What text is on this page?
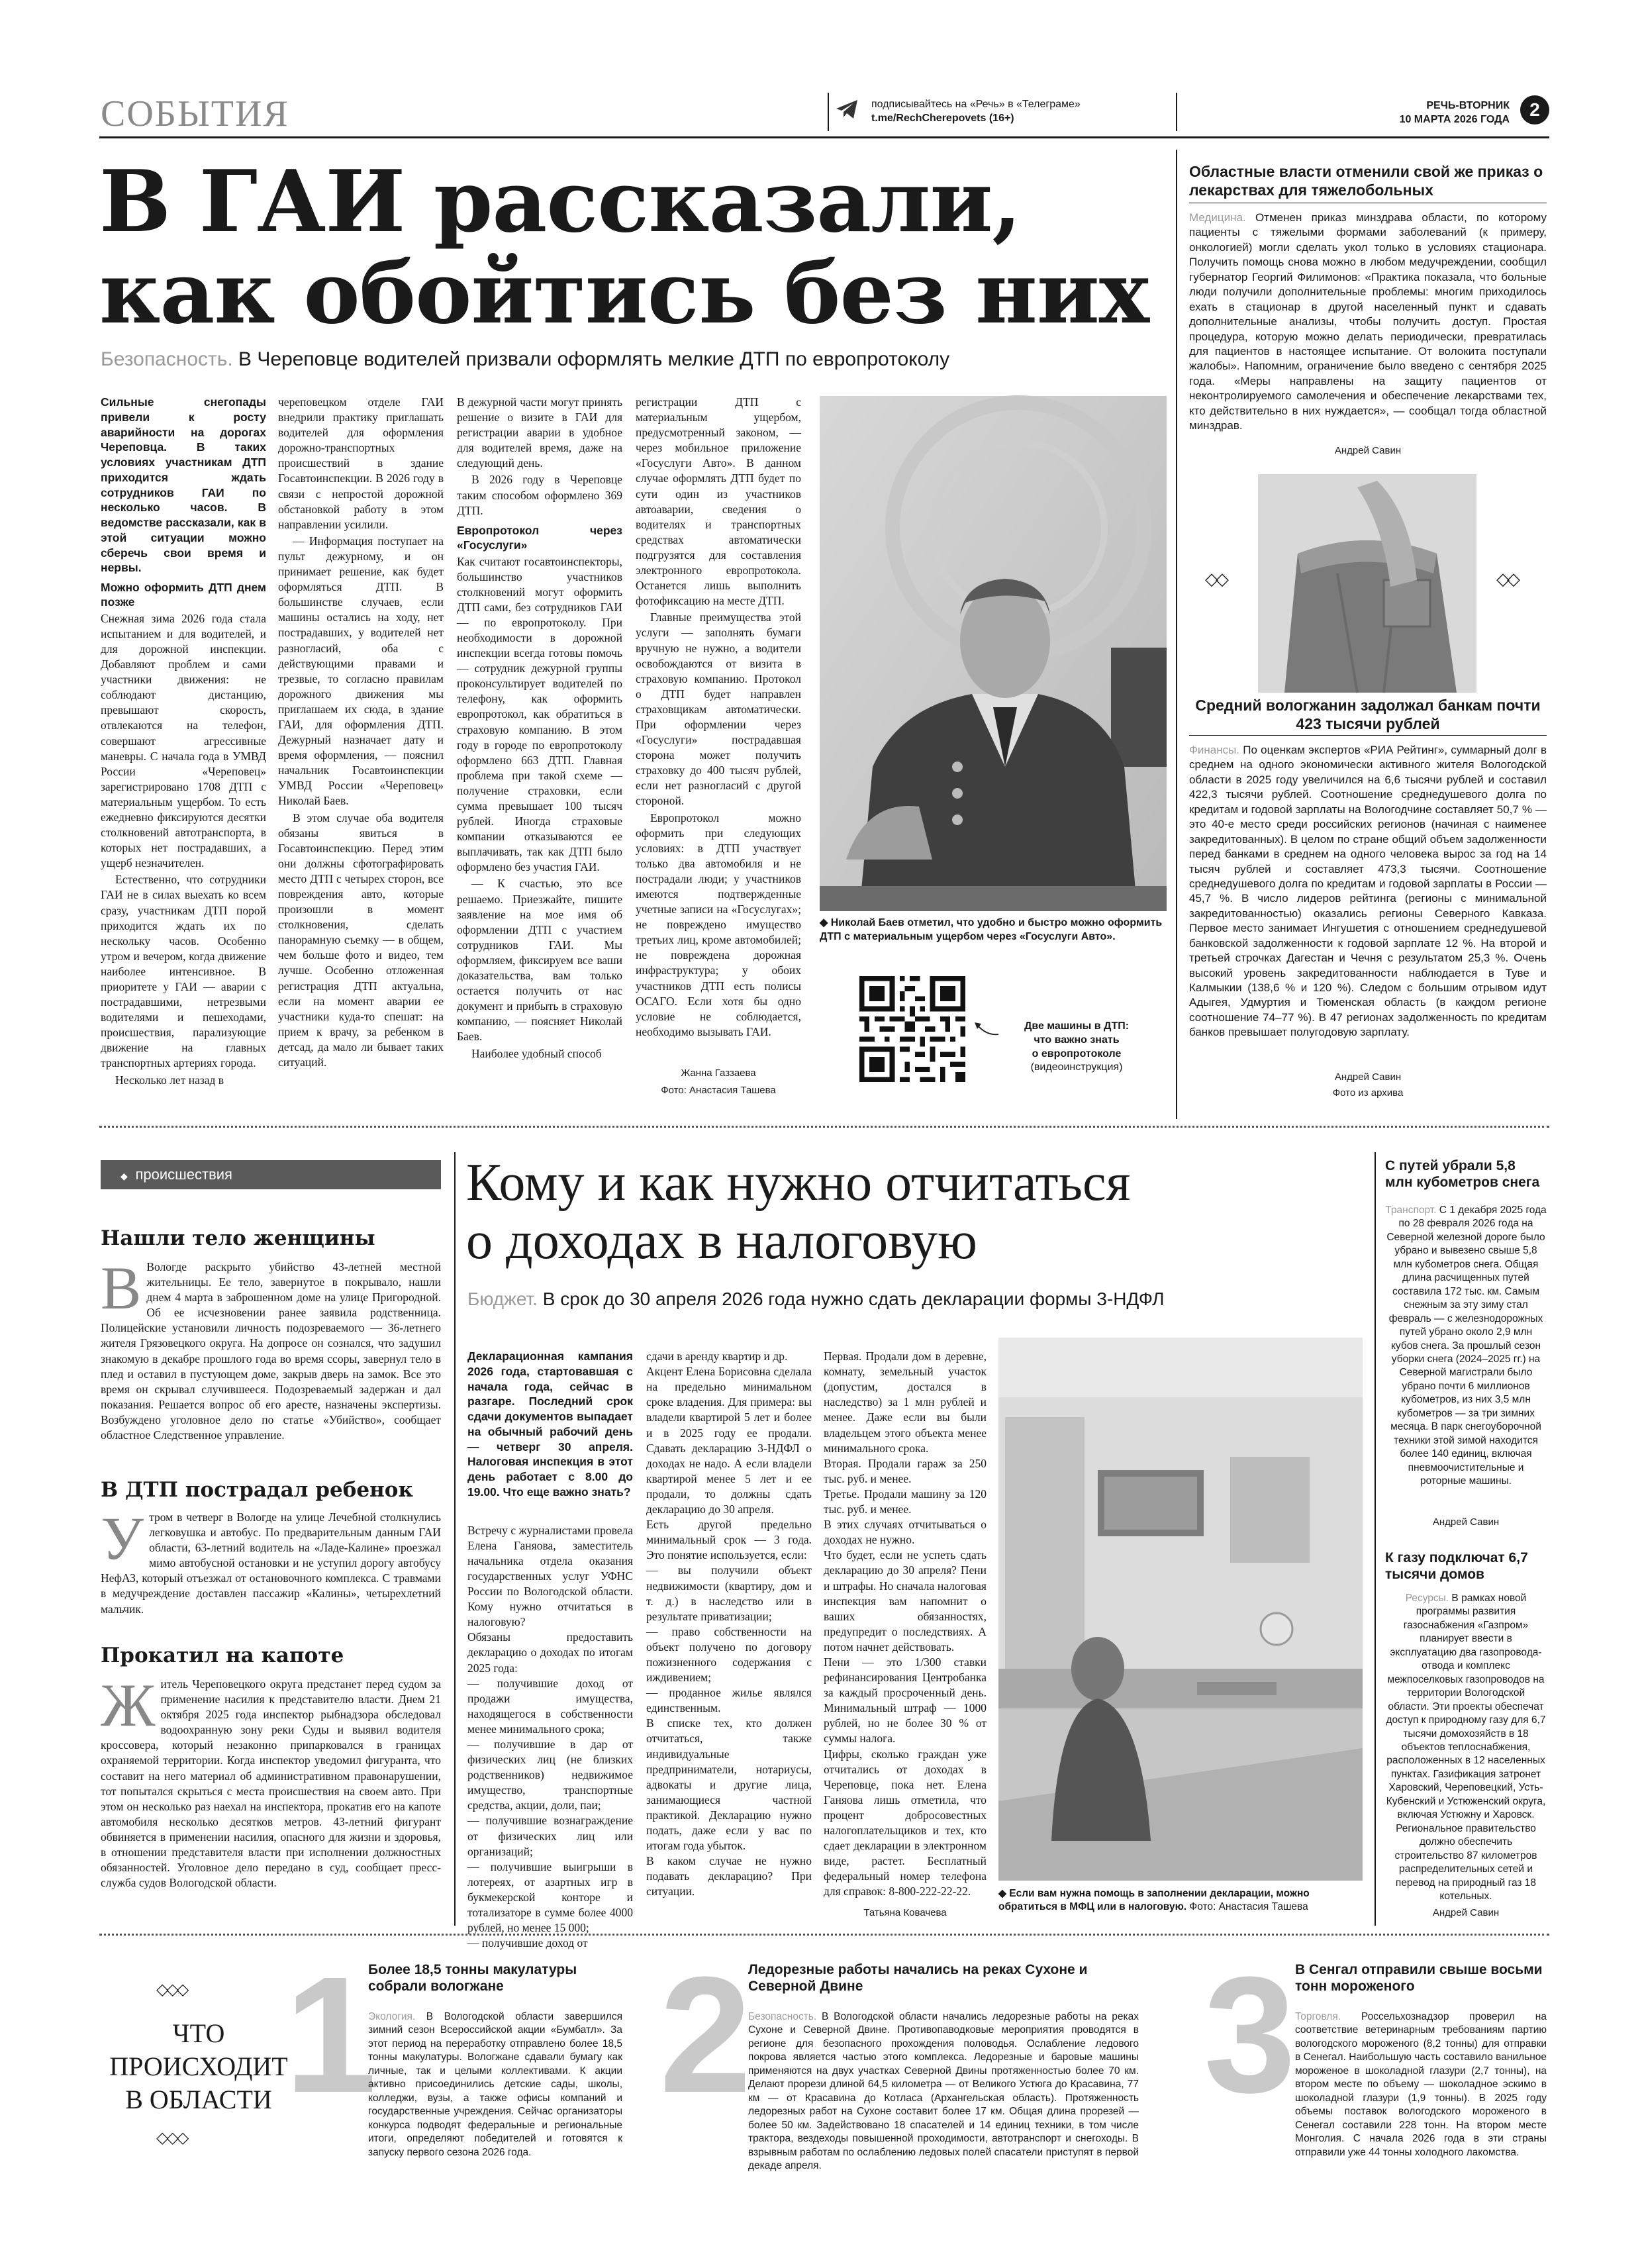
СОБЫТИЯ	подписывайтесь на «Речь» в «Телеграме»
t.me/RechCherepovets (16+)
РЕЧЬ-ВТОРНИК
10 МАРТА 2026 ГОДА	2
В ГАИ рассказали,
как обойтись без них
Безопасность. В Череповце водителей призвали оформлять мелкие ДТП по европротоколу

Сильные снегопады привели к росту аварийности на дорогах Череповца. В таких условиях участникам ДТП приходится ждать сотрудников ГАИ по несколько часов. В ведомстве рассказали, как в этой ситуации можно сберечь свои время и нервы.

Можно оформить ДТП днем позже

Снежная зима 2026 года стала испытанием и для водителей, и для дорожной инспекции. Добавляют проблем и сами участники движения: не соблюдают дистанцию, превышают скорость, отвлекаются на телефон, совершают агрессивные маневры. С начала года в УМВД России «Череповец» зарегистрировано 1708 ДТП с материальным ущербом. То есть ежедневно фиксируются десятки столкновений автотранспорта, в которых нет пострадавших, а ущерб незначителен.

Естественно, что сотрудники ГАИ не в силах выехать ко всем сразу, участникам ДТП порой приходится ждать их по нескольку часов. Особенно утром и вечером, когда движение наиболее интенсивное. В приоритете у ГАИ — аварии с пострадавшими, нетрезвыми водителями и пешеходами, происшествия, парализующие движение на главных транспортных артериях города.

Несколько лет назад в

череповецком отделе ГАИ внедрили практику приглашать водителей для оформления дорожно-транспортных происшествий в здание Госавтоинспекции. В 2026 году в связи с непростой дорожной обстановкой работу в этом направлении усилили.

— Информация поступает на пульт дежурному, и он принимает решение, как будет оформляться ДТП. В большинстве случаев, если машины остались на ходу, нет пострадавших, у водителей нет разногласий, оба с действующими правами и трезвые, то согласно правилам дорожного движения мы приглашаем их сюда, в здание ГАИ, для оформления ДТП. Дежурный назначает дату и время оформления, — пояснил начальник Госавтоинспекции УМВД России «Череповец» Николай Баев.

В этом случае оба водителя обязаны явиться в Госавтоинспекцию. Перед этим они должны сфотографировать место ДТП с четырех сторон, все повреждения авто, которые произошли в момент столкновения, сделать панорамную съемку — в общем, чем больше фото и видео, тем лучше. Особенно отложенная регистрация ДТП актуальна, если на момент аварии ее участники куда-то спешат: на прием к врачу, за ребенком в детсад, да мало ли бывает таких ситуаций.

В дежурной части могут принять решение о визите в ГАИ для регистрации аварии в удобное для водителей время, даже на следующий день.

В 2026 году в Череповце таким способом оформлено 369 ДТП.

Европротокол через «Госуслуги»

Как считают госавтоинспекторы, большинство участников столкновений могут оформить ДТП сами, без сотрудников ГАИ — по европротоколу. При необходимости в дорожной инспекции всегда готовы помочь — сотрудник дежурной группы проконсультирует водителей по телефону, как оформить европротокол, как обратиться в страховую компанию. В этом году в городе по европротоколу оформлено 663 ДТП. Главная проблема при такой схеме — получение страховки, если сумма превышает 100 тысяч рублей. Иногда страховые компании отказываются ее выплачивать, так как ДТП было оформлено без участия ГАИ.

— К счастью, это все решаемо. Приезжайте, пишите заявление на мое имя об оформлении ДТП с участием сотрудников ГАИ. Мы оформляем, фиксируем все ваши доказательства, вам только остается получить от нас документ и прибыть в страховую компанию, — поясняет Николай Баев.

Наиболее удобный способ

регистрации ДТП с материальным ущербом, предусмотренный законом, — через мобильное приложение «Госуслуги Авто». В данном случае оформлять ДТП будет по сути один из участников автоаварии, сведения о водителях и транспортных средствах автоматически подгрузятся для составления электронного европротокола. Останется лишь выполнить фотофиксацию на месте ДТП.

Главные преимущества этой услуги — заполнять бумаги вручную не нужно, а водители освобождаются от визита в страховую компанию. Протокол о ДТП будет направлен страховщикам автоматически. При оформлении через «Госуслуги» пострадавшая сторона может получить страховку до 400 тысяч рублей, если нет разногласий с другой стороной.

Европротокол можно оформить при следующих условиях: в ДТП участвует только два автомобиля и не пострадали люди; у участников имеются подтвержденные учетные записи на «Госуслугах»; не повреждено имущество третьих лиц, кроме автомобилей; не повреждена дорожная инфраструктура; у обоих участников ДТП есть полисы ОСАГО. Если хотя бы одно условие не соблюдается, необходимо вызывать ГАИ.

Жанна Газзаева
Фото: Анастасия Ташева
◆ Николай Баев отметил, что удобно и быстро можно оформить ДТП с материальным ущербом через «Госуслуги Авто».
Две машины в ДТП:
что важно знать
о европротоколе
(видеоинструкция)
Областные власти отменили свой же приказ о лекарствах для тяжелобольных
Медицина. Отменен приказ минздрава области, по которому пациенты с тяжелыми формами заболеваний (к примеру, онкологией) могли сделать укол только в условиях стационара. Получить помощь снова можно в любом медучреждении, сообщил губернатор Георгий Филимонов: «Практика показала, что больные люди получили дополнительные проблемы: многим приходилось ехать в стационар в другой населенный пункт и сдавать дополнительные анализы, чтобы получить доступ. Простая процедура, которую можно делать периодически, превратилась для пациентов в настоящее испытание. От волокитa поступали жалобы». Напомним, ограничение было введено с сентября 2025 года. «Меры направлены на защиту пациентов от неконтролируемого самолечения и обеспечение лекарствами тех, кто действительно в них нуждается», — сообщал тогда областной минздрав.
Андрей Савин
◇◇	◇◇
Средний вологжанин задолжал банкам почти 423 тысячи рублей
Финансы. По оценкам экспертов «РИА Рейтинг», суммарный долг в среднем на одного экономически активного жителя Вологодской области в 2025 году увеличился на 6,6 тысячи рублей и составил 422,3 тысячи рублей. Соотношение среднедушевого долга по кредитам и годовой зарплаты на Вологодчине составляет 50,7 % — это 40-е место среди российских регионов (начиная с наименее закредитованных). В целом по стране общий объем задолженности перед банками в среднем на одного человека вырос за год на 14 тысяч рублей и составляет 473,3 тысячи. Соотношение среднедушевого долга по кредитам и годовой зарплаты в России — 45,7 %. В число лидеров рейтинга (регионы с минимальной закредитованностью) оказались регионы Северного Кавказа. Первое место занимает Ингушетия с отношением среднедушевой банковской задолженности к годовой зарплате 12 %. На второй и третьей строчках Дагестан и Чечня с результатом 25,3 %. Очень высокий уровень закредитованности наблюдается в Туве и Калмыкии (138,6 % и 120 %). Следом с большим отрывом идут Адыгея, Удмуртия и Тюменская область (в каждом регионе соотношение 74–77 %). В 47 регионах задолженность по кредитам банков превышает полугодовую зарплату.
Андрей Савин
Фото из архива
◆   происшествия
Нашли тело женщины
В Вологде раскрыто убийство 43-летней местной жительницы. Ее тело, завернутое в покрывало, нашли днем 4 марта в заброшенном доме на улице Пригородной. Об ее исчезновении ранее заявила родственница. Полицейские установили личность подозреваемого — 36-летнего жителя Грязовецкого округа. На допросе он сознался, что задушил знакомую в декабре прошлого года во время ссоры, завернул тело в плед и оставил в пустующем доме, закрыв дверь на замок. Все это время он скрывал случившееся. Подозреваемый задержан и дал показания. Решается вопрос об его аресте, назначены экспертизы. Возбуждено уголовное дело по статье «Убийство», сообщает областное Следственное управление.
В ДТП пострадал ребенок
Утром в четверг в Вологде на улице Лечебной столкнулись легковушка и автобус. По предварительным данным ГАИ области, 63-летний водитель на «Ладе-Калине» проезжал мимо автобусной остановки и не уступил дорогу автобусу НефАЗ, который отъезжал от остановочного комплекса. С травмами в медучреждение доставлен пассажир «Калины», четырехлетний мальчик.
Прокатил на капоте
Житель Череповецкого округа предстанет перед судом за применение насилия к представителю власти. Днем 21 октября 2025 года инспектор рыбнадзора обследовал водоохранную зону реки Суды и выявил водителя кроссовера, который незаконно припарковался в границах охраняемой территории. Когда инспектор уведомил фигуранта, что составит на него материал об административном правонарушении, тот попытался скрыться с места происшествия на своем авто. При этом он несколько раз наехал на инспектора, прокатив его на капоте автомобиля несколько десятков метров. 43-летний фигурант обвиняется в применении насилия, опасного для жизни и здоровья, в отношении представителя власти при исполнении должностных обязанностей. Уголовное дело передано в суд, сообщает пресс-служба судов Вологодской области.
Кому и как нужно отчитаться
о доходах в налоговую
Бюджет. В срок до 30 апреля 2026 года нужно сдать декларации формы 3-НДФЛ

Декларационная кампания 2026 года, стартовавшая с начала года, сейчас в разгаре. Последний срок сдачи документов выпадает на обычный рабочий день — четверг 30 апреля. Налоговая инспекция в этот день работает с 8.00 до 19.00. Что еще важно знать?

Встречу с журналистами провела Елена Ганяова, заместитель начальника отдела оказания государственных услуг УФНС России по Вологодской области. Кому нужно отчитаться в налоговую?
Обязаны предоставить декларацию о доходах по итогам 2025 года:
— получившие доход от продажи имущества, находящегося в собственности менее минимального срока;
— получившие в дар от физических лиц (не близких родственников) недвижимое имущество, транспортные средства, акции, доли, паи;
— получившие вознаграждение от физических лиц или организаций;
— получившие выигрыши в лотереях, от азартных игр в букмекерской конторе и тотализаторе в сумме более 4000 рублей, но менее 15 000;
— получившие доход от

сдачи в аренду квартир и др.
Акцент Елена Борисовна сделала на предельно минимальном сроке владения. Для примера: вы владели квартирой 5 лет и более и в 2025 году ее продали. Сдавать декларацию 3-НДФЛ о доходах не надо. А если владели квартирой менее 5 лет и ее продали, то должны сдать декларацию до 30 апреля.
Есть другой предельно минимальный срок — 3 года. Это понятие используется, если:
— вы получили объект недвижимости (квартиру, дом и т. д.) в наследство или в результате приватизации;
— право собственности на объект получено по договору пожизненного содержания с иждивением;
— проданное жилье являлся единственным.
В списке тех, кто должен отчитаться, также индивидуальные предприниматели, нотариусы, адвокаты и другие лица, занимающиеся частной практикой. Декларацию нужно подать, даже если у вас по итогам года убыток.
В каком случае не нужно подавать декларацию? При ситуации.

Первая. Продали дом в деревне, комнату, земельный участок (допустим, достался в наследство) за 1 млн рублей и менее. Даже если вы были владельцем этого объекта менее минимального срока.
Вторая. Продали гараж за 250 тыс. руб. и менее.
Третье. Продали машину за 120 тыс. руб. и менее.
В этих случаях отчитываться о доходах не нужно.
Что будет, если не успеть сдать декларацию до 30 апреля? Пени и штрафы. Но сначала налоговая инспекция вам напомнит о ваших обязанностях, предупредит о последствиях. А потом начнет действовать.
Пени — это 1/300 ставки рефинансирования Центробанка за каждый просроченный день. Минимальный штраф — 1000 рублей, но не более 30 % от суммы налога.
Цифры, сколько граждан уже отчитались от доходах в Череповце, пока нет. Елена Ганяова лишь отметила, что процент добросовестных налогоплательщиков и тех, кто сдает декларации в электронном виде, растет. Бесплатный федеральный номер телефона для справок: 8-800-222-22-22.

Татьяна Ковачева
◆ Если вам нужна помощь в заполнении декларации, можно обратиться в МФЦ или в налоговую. Фото: Анастасия Ташева
С путей убрали 5,8 млн кубометров снега
Транспорт. С 1 декабря 2025 года по 28 февраля 2026 года на Северной железной дороге было убрано и вывезено свыше 5,8 млн кубометров снега. Общая длина расчищенных путей составила 172 тыс. км. Самым снежным за эту зиму стал февраль — с железнодорожных путей убрано около 2,9 млн кубов снега. За прошлый сезон уборки снега (2024–2025 гг.) на Северной магистрали было убрано почти 6 миллионов кубометров, из них 3,5 млн кубометров — за три зимних месяца. В парк снегоуборочной техники этой зимой находится более 140 единиц, включая пневмоочистительные и роторные машины.
Андрей Савин
К газу подключат 6,7 тысячи домов
Ресурсы. В рамках новой программы развития газоснабжения «Газпром» планирует ввести в эксплуатацию два газопровода-отвода и комплекс межпоселковых газопроводов на территории Вологодской области. Эти проекты обеспечат доступ к природному газу для 6,7 тысячи домохозяйств в 18 объектов теплоснабжения, расположенных в 12 населенных пунктах. Газификация затронет Харовский, Череповецкий, Усть-Кубенский и Устюженский округа, включая Устюжну и Харовск. Региональное правительство должно обеспечить строительство 87 километров распределительных сетей и перевод на природный газ 18 котельных.
Андрей Савин
◇◇◇
ЧТО
ПРОИСХОДИТ
В ОБЛАСТИ
◇◇◇
1
Более 18,5 тонны макулатуры собрали вологжане
Экология. В Вологодской области завершился зимний сезон Всероссийской акции «Бумбатл». За этот период на переработку отправлено более 18,5 тонны макулатуры. Вологжане сдавали бумагу как личные, так и целыми коллективами. К акции активно присоединились детские сады, школы, колледжи, вузы, а также офисы компаний и государственные учреждения. Сейчас организаторы конкурса подводят федеральные и региональные итоги, определяют победителей и готовятся к запуску первого сезона 2026 года.
2
Ледорезные работы начались на реках Сухоне и Северной Двине
Безопасность. В Вологодской области начались ледорезные работы на реках Сухоне и Северной Двине. Противопаводковые мероприятия проводятся в регионе для безопасного прохождения половодья. Ослабление ледового покрова является частью этого комплекса. Ледорезные и баровые машины применяются на двух участках Северной Двины протяженностью более 70 км. Делают прорези длиной 64,5 километра — от Великого Устюга до Красавина, 77 км — от Красавина до Котласа (Архангельская область). Протяженность ледорезных работ на Сухоне составит более 17 км. Общая длина прорезей — более 50 км. Задействовано 18 спасателей и 14 единиц техники, в том числе трактора, вездеходы повышенной проходимости, автотранспорт и снегоходы. В взрывным работам по ослаблению ледовых полей спасатели приступят в первой декаде апреля.
3
В Сенгал отправили свыше восьми тонн мороженого
Торговля. Россельхознадзор проверил на соответствие ветеринарным требованиям партию вологодского мороженого (8,2 тонны) для отправки в Сенегал. Наибольшую часть составило ванильное мороженое в шоколадной глазури (2,7 тонны), на втором месте по объему — шоколадное эскимо в шоколадной глазури (1,9 тонны). В 2025 году объемы поставок вологодского мороженого в Сенегал составили 228 тонн. На втором месте Монголия. С начала 2026 года в эти страны отправили уже 44 тонны холодного лакомства.
